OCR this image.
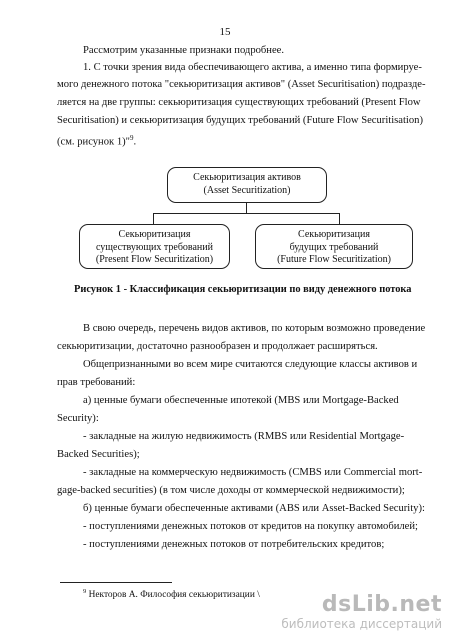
15
Рассмотрим указанные признаки подробнее.
1. С точки зрения вида обеспечивающего актива, а именно типа формируе-
мого денежного потока "секьюритизация активов" (Asset Securitisation) подразде-
ляется на две группы: секьюритизация существующих требований (Present Flow
Securitisation) и секьюритизация будущих требований (Future Flow Securitisation)
(см. рисунок 1)"$^9$.
Секьюритизация активов
(Asset Securitization)
Секьюритизация
существующих требований
(Present Flow Securitization)
Секьюритизация
будущих требований
(Future Flow Securitization)
Рисунок 1 - Классификация секьюритизации по виду денежного потока
В свою очередь, перечень видов активов, по которым возможно проведение
секьюритизации, достаточно разнообразен и продолжает расширяться.
Общепризнанными во всем мире считаются следующие классы активов и
прав требований:
а) ценные бумаги обеспеченные ипотекой (MBS или Mortgage-Backed
Security):
- закладные на жилую недвижимость (RMBS или Residential Mortgage-
Backed Securities);
- закладные на коммерческую недвижимость (CMBS или Commercial mort-
gage-backed securities) (в том числе доходы от коммерческой недвижимости);
б) ценные бумаги обеспеченные активами (ABS или Asset-Backed Security):
- поступлениями денежных потоков от кредитов на покупку автомобилей;
- поступлениями денежных потоков от потребительских кредитов;
$^9$ Некторов А. Философия секьюритизации \	dsLib.net
библиотека диссертаций
